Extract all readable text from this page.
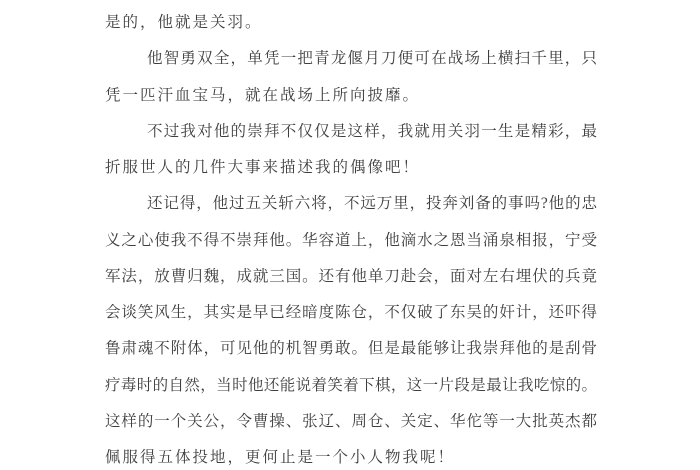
是的，他就是关羽。
他智勇双全，单凭一把青龙偃月刀便可在战场上横扫千里，只
凭一匹汗血宝马，就在战场上所向披靡。
不过我对他的崇拜不仅仅是这样，我就用关羽一生是精彩，最
折服世人的几件大事来描述我的偶像吧！
还记得，他过五关斩六将，不远万里，投奔刘备的事吗?他的忠
义之心使我不得不崇拜他。华容道上，他滴水之恩当涌泉相报，宁受
军法，放曹归魏，成就三国。还有他单刀赴会，面对左右埋伏的兵竟
会谈笑风生，其实是早已经暗度陈仓，不仅破了东吴的奸计，还吓得
鲁肃魂不附体，可见他的机智勇敢。但是最能够让我崇拜他的是刮骨
疗毒时的自然，当时他还能说着笑着下棋，这一片段是最让我吃惊的。
这样的一个关公，令曹操、张辽、周仓、关定、华佗等一大批英杰都
佩服得五体投地，更何止是一个小人物我呢！
